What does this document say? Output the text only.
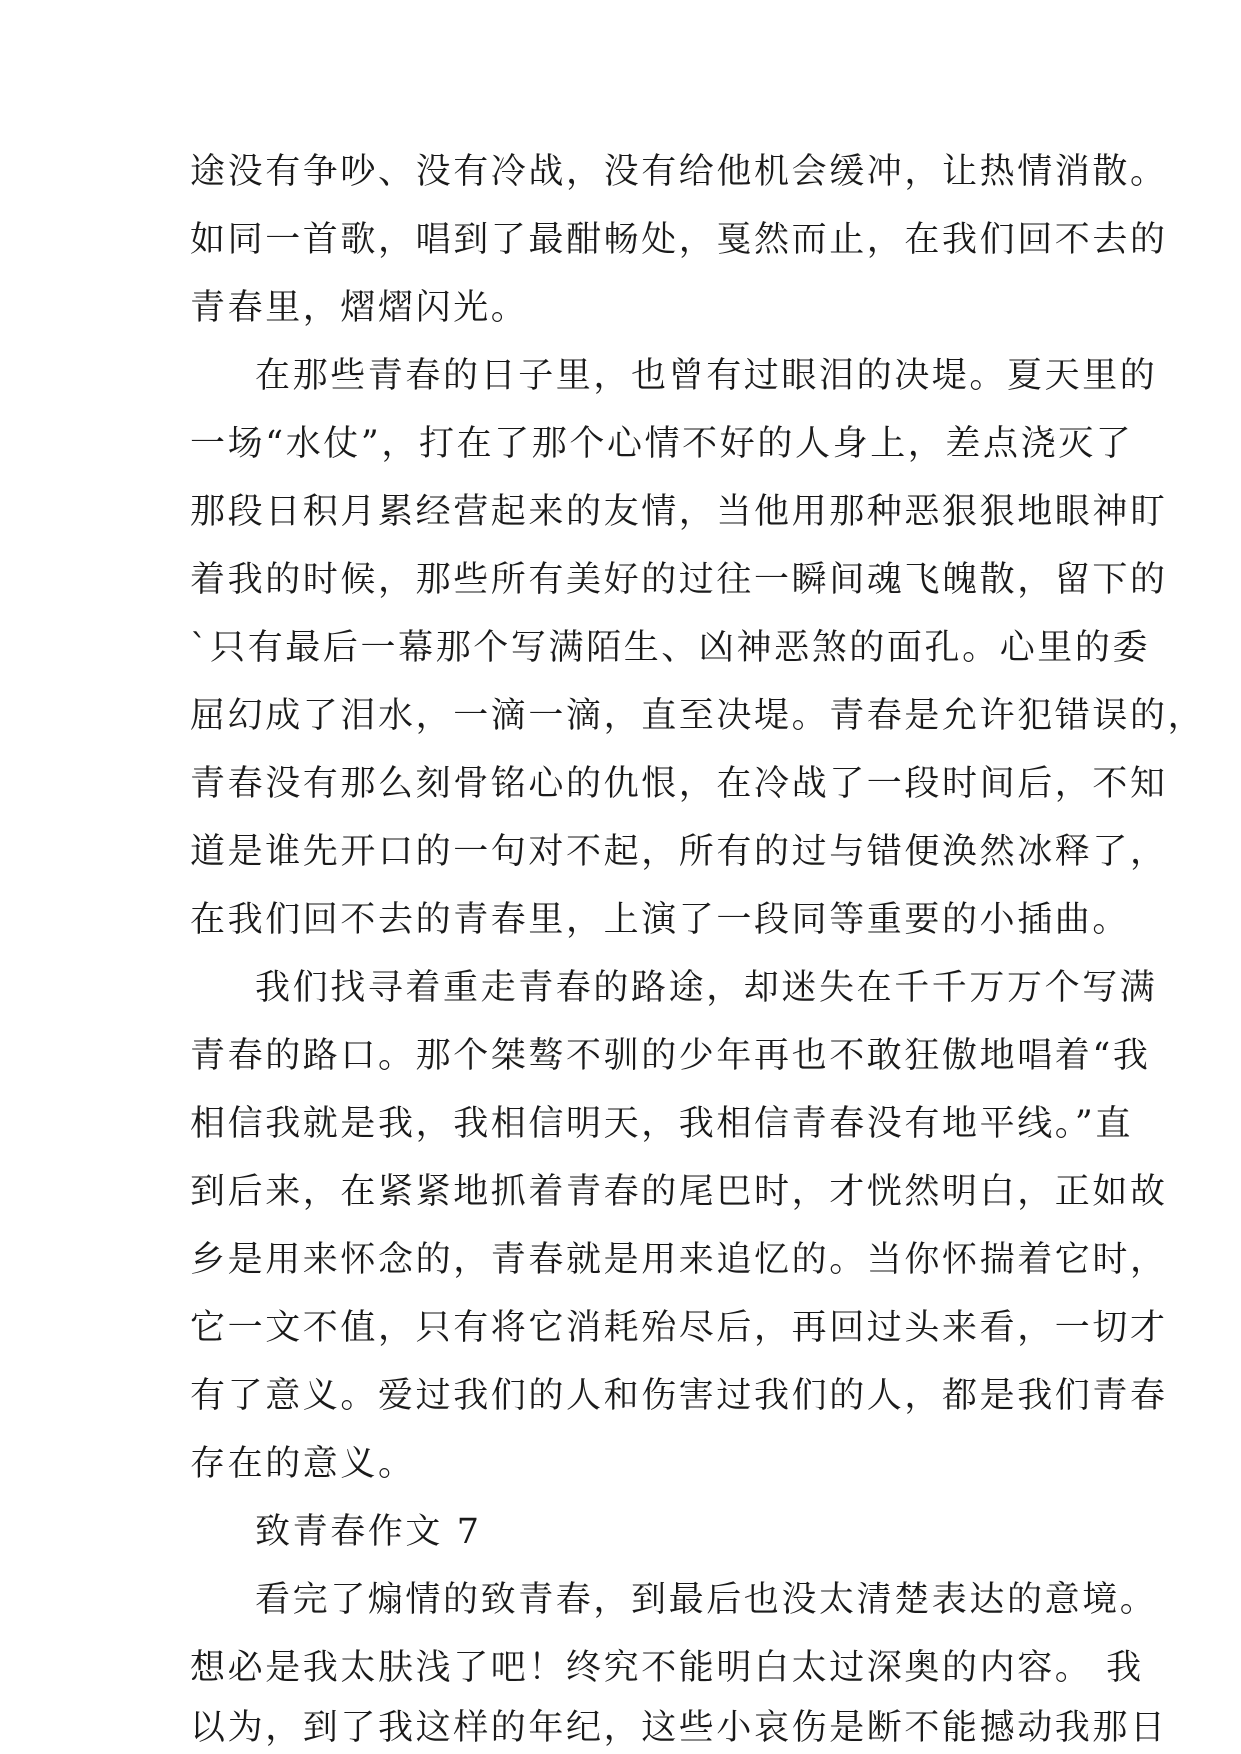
途没有争吵、没有冷战，没有给他机会缓冲，让热情消散。
如同一首歌，唱到了最酣畅处，戛然而止，在我们回不去的
青春里，熠熠闪光。
在那些青春的日子里，也曾有过眼泪的决堤。夏天里的
一场“水仗”，打在了那个心情不好的人身上，差点浇灭了
那段日积月累经营起来的友情，当他用那种恶狠狠地眼神盯
着我的时候，那些所有美好的过往一瞬间魂飞魄散，留下的
`只有最后一幕那个写满陌生、凶神恶煞的面孔。心里的委
屈幻成了泪水，一滴一滴，直至决堤。青春是允许犯错误的，
青春没有那么刻骨铭心的仇恨，在冷战了一段时间后，不知
道是谁先开口的一句对不起，所有的过与错便涣然冰释了，
在我们回不去的青春里，上演了一段同等重要的小插曲。
我们找寻着重走青春的路途，却迷失在千千万万个写满
青春的路口。那个桀骜不驯的少年再也不敢狂傲地唱着“我
相信我就是我，我相信明天，我相信青春没有地平线。”直
到后来，在紧紧地抓着青春的尾巴时，才恍然明白，正如故
乡是用来怀念的，青春就是用来追忆的。当你怀揣着它时，
它一文不值，只有将它消耗殆尽后，再回过头来看，一切才
有了意义。爱过我们的人和伤害过我们的人，都是我们青春
存在的意义。
致青春作文 7
看完了煽情的致青春，到最后也没太清楚表达的意境。
想必是我太肤浅了吧！终究不能明白太过深奥的内容。 我
以为，到了我这样的年纪，这些小哀伤是断不能撼动我那日
